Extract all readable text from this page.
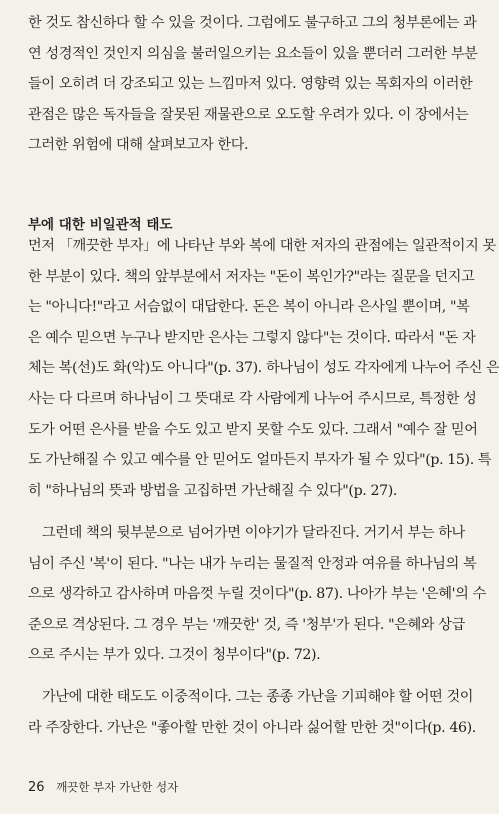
한 것도 참신하다 할 수 있을 것이다. 그럼에도 불구하고 그의 청부론에는 과
연 성경적인 것인지 의심을 불러일으키는 요소들이 있을 뿐더러 그러한 부분
들이 오히려 더 강조되고 있는 느낌마저 있다. 영향력 있는 목회자의 이러한
관점은 많은 독자들을 잘못된 재물관으로 오도할 우려가 있다. 이 장에서는
그러한 위험에 대해 살펴보고자 한다.

부에 대한 비일관적 태도

먼저 「깨끗한 부자」에 나타난 부와 복에 대한 저자의 관점에는 일관적이지 못
한 부분이 있다. 책의 앞부분에서 저자는 "돈이 복인가?"라는 질문을 던지고
는 "아니다!"라고 서슴없이 대답한다. 돈은 복이 아니라 은사일 뿐이며, "복
은 예수 믿으면 누구나 받지만 은사는 그렇지 않다"는 것이다. 따라서 "돈 자
체는 복(선)도 화(악)도 아니다"(p. 37). 하나님이 성도 각자에게 나누어 주신 은
사는 다 다르며 하나님이 그 뜻대로 각 사람에게 나누어 주시므로, 특정한 성
도가 어떤 은사를 받을 수도 있고 받지 못할 수도 있다. 그래서 "예수 잘 믿어
도 가난해질 수 있고 예수를 안 믿어도 얼마든지 부자가 될 수 있다"(p. 15). 특
히 "하나님의 뜻과 방법을 고집하면 가난해질 수 있다"(p. 27).

그런데 책의 뒷부분으로 넘어가면 이야기가 달라진다. 거기서 부는 하나
님이 주신 '복'이 된다. "나는 내가 누리는 물질적 안정과 여유를 하나님의 복
으로 생각하고 감사하며 마음껏 누릴 것이다"(p. 87). 나아가 부는 '은혜'의 수
준으로 격상된다. 그 경우 부는 '깨끗한' 것, 즉 '청부'가 된다. "은혜와 상급
으로 주시는 부가 있다. 그것이 청부이다"(p. 72).

가난에 대한 태도도 이중적이다. 그는 종종 가난을 기피해야 할 어떤 것이
라 주장한다. 가난은 "좋아할 만한 것이 아니라 싫어할 만한 것"이다(p. 46).

26 깨끗한 부자 가난한 성자
